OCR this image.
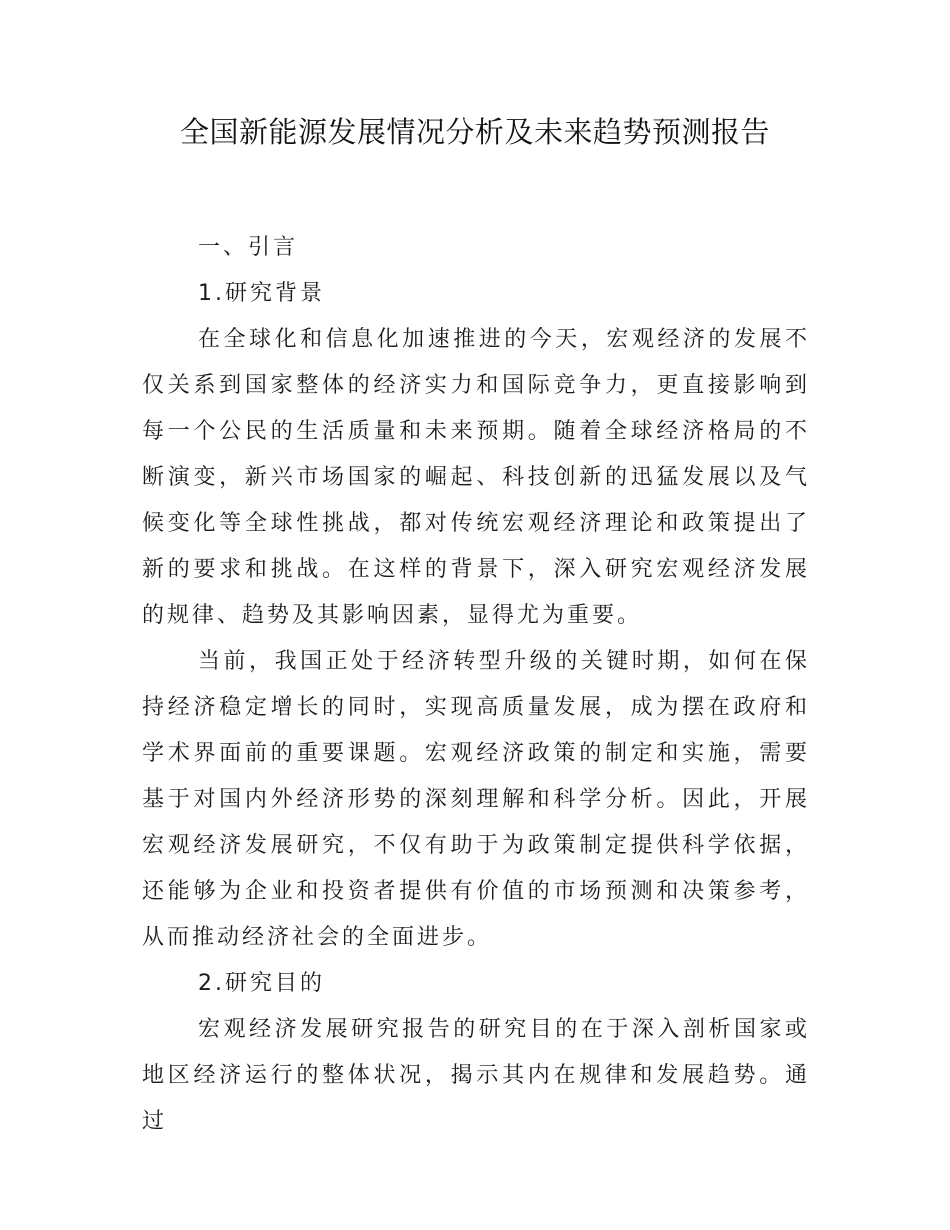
全国新能源发展情况分析及未来趋势预测报告

一、引言

1.研究背景

在全球化和信息化加速推进的今天，宏观经济的发展不仅关系到国家整体的经济实力和国际竞争力，更直接影响到每一个公民的生活质量和未来预期。随着全球经济格局的不断演变，新兴市场国家的崛起、科技创新的迅猛发展以及气候变化等全球性挑战，都对传统宏观经济理论和政策提出了新的要求和挑战。在这样的背景下，深入研究宏观经济发展的规律、趋势及其影响因素，显得尤为重要。

当前，我国正处于经济转型升级的关键时期，如何在保持经济稳定增长的同时，实现高质量发展，成为摆在政府和学术界面前的重要课题。宏观经济政策的制定和实施，需要基于对国内外经济形势的深刻理解和科学分析。因此，开展宏观经济发展研究，不仅有助于为政策制定提供科学依据，还能够为企业和投资者提供有价值的市场预测和决策参考，从而推动经济社会的全面进步。

2.研究目的

宏观经济发展研究报告的研究目的在于深入剖析国家或地区经济运行的整体状况，揭示其内在规律和发展趋势。通过
